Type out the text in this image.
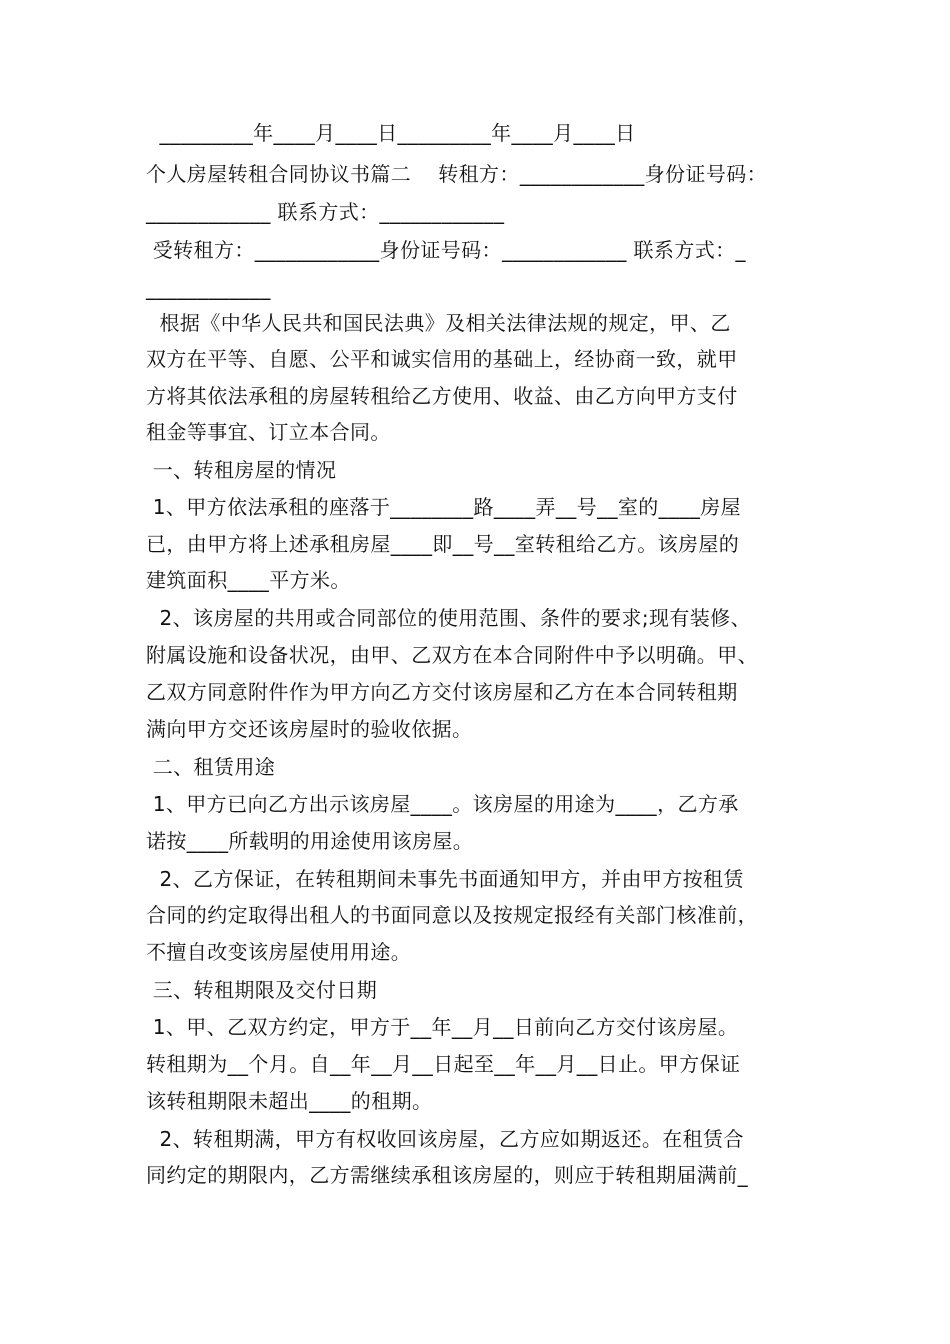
_________年____月____日_________年____月____日
个人房屋转租合同协议书篇二    转租方：____________身份证号码：
____________ 联系方式：____________
受转租方：____________身份证号码：____________ 联系方式：_
____________
根据《中华人民共和国民法典》及相关法律法规的规定，甲、乙
双方在平等、自愿、公平和诚实信用的基础上，经协商一致，就甲
方将其依法承租的房屋转租给乙方使用、收益、由乙方向甲方支付
租金等事宜、订立本合同。
一、转租房屋的情况
1、甲方依法承租的座落于________路____弄__号__室的____房屋
已，由甲方将上述承租房屋____即__号__室转租给乙方。该房屋的
建筑面积____平方米。
2、该房屋的共用或合同部位的使用范围、条件的要求;现有装修、
附属设施和设备状况，由甲、乙双方在本合同附件中予以明确。甲、
乙双方同意附件作为甲方向乙方交付该房屋和乙方在本合同转租期
满向甲方交还该房屋时的验收依据。
二、租赁用途
1、甲方已向乙方出示该房屋____。该房屋的用途为____，乙方承
诺按____所载明的用途使用该房屋。
2、乙方保证，在转租期间未事先书面通知甲方，并由甲方按租赁
合同的约定取得出租人的书面同意以及按规定报经有关部门核准前，
不擅自改变该房屋使用用途。
三、转租期限及交付日期
1、甲、乙双方约定，甲方于__年__月__日前向乙方交付该房屋。
转租期为__个月。自__年__月__日起至__年__月__日止。甲方保证
该转租期限未超出____的租期。
2、转租期满，甲方有权收回该房屋，乙方应如期返还。在租赁合
同约定的期限内，乙方需继续承租该房屋的，则应于转租期届满前_
